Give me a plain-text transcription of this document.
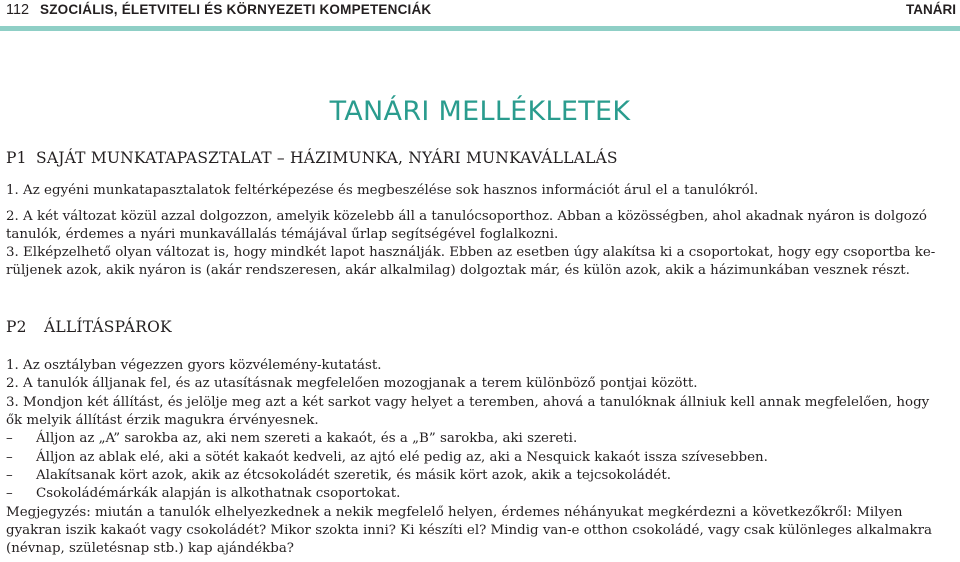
112 SZOCIÁLIS, ÉLETVITELI ÉS KÖRNYEZETI KOMPETENCIÁK	TANÁRI
TANÁRI MELLÉKLETEK
P1 SAJÁT MUNKATAPASZTALAT – HÁZIMUNKA, NYÁRI MUNKAVÁLLALÁS
1. Az egyéni munkatapasztalatok feltérképezése és megbeszélése sok hasznos információt árul el a tanulókról.
2. A két változat közül azzal dolgozzon, amelyik közelebb áll a tanulócsoporthoz. Abban a közösségben, ahol akadnak nyáron is dolgozó
tanulók, érdemes a nyári munkavállalás témájával űrlap segítségével foglalkozni.
3. Elképzelhető olyan változat is, hogy mindkét lapot használják. Ebben az esetben úgy alakítsa ki a csoportokat, hogy egy csoportba ke-
rüljenek azok, akik nyáron is (akár rendszeresen, akár alkalmilag) dolgoztak már, és külön azok, akik a házimunkában vesznek részt.
P2 ÁLLÍTÁSPÁROK
1. Az osztályban végezzen gyors közvélemény-kutatást.
2. A tanulók álljanak fel, és az utasításnak megfelelően mozogjanak a terem különböző pontjai között.
3. Mondjon két állítást, és jelölje meg azt a két sarkot vagy helyet a teremben, ahová a tanulóknak állniuk kell annak megfelelően, hogy
ők melyik állítást érzik magukra érvényesnek.
– Álljon az „A” sarokba az, aki nem szereti a kakaót, és a „B” sarokba, aki szereti.
– Álljon az ablak elé, aki a sötét kakaót kedveli, az ajtó elé pedig az, aki a Nesquick kakaót issza szívesebben.
– Alakítsanak kört azok, akik az étcsokoládét szeretik, és másik kört azok, akik a tejcsokoládét.
– Csokoládémárkák alapján is alkothatnak csoportokat.
Megjegyzés: miután a tanulók elhelyezkednek a nekik megfelelő helyen, érdemes néhányukat megkérdezni a következőkről: Milyen
gyakran iszik kakaót vagy csokoládét? Mikor szokta inni? Ki készíti el? Mindig van-e otthon csokoládé, vagy csak különleges alkalmakra
(névnap, születésnap stb.) kap ajándékba?
